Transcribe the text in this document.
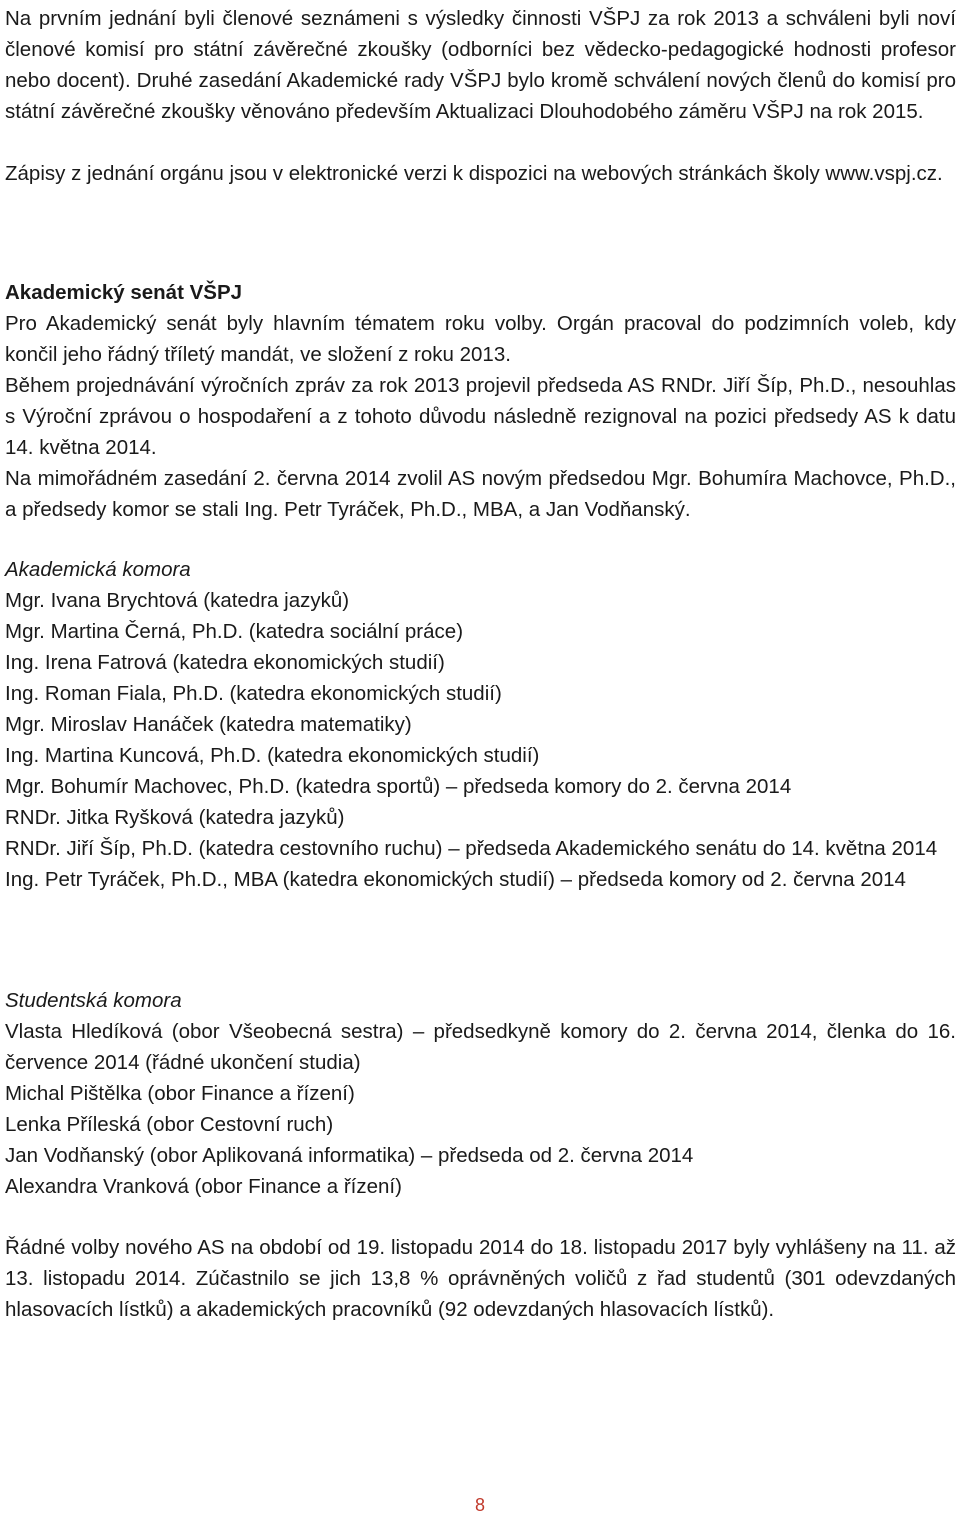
Na prvním jednání byli členové seznámeni s výsledky činnosti VŠPJ za rok 2013 a schváleni byli noví členové komisí pro státní závěrečné zkoušky (odborníci bez vědecko-pedagogické hodnosti profesor nebo docent). Druhé zasedání Akademické rady VŠPJ bylo kromě schválení nových členů do komisí pro státní závěrečné zkoušky věnováno především Aktualizaci Dlouhodobého záměru VŠPJ na rok 2015.

Zápisy z jednání orgánu jsou v elektronické verzi k dispozici na webových stránkách školy www.vspj.cz.

Akademický senát VŠPJ

Pro Akademický senát byly hlavním tématem roku volby. Orgán pracoval do podzimních voleb, kdy končil jeho řádný tříletý mandát, ve složení z roku 2013.

Během projednávání výročních zpráv za rok 2013 projevil předseda AS RNDr. Jiří Šíp, Ph.D., nesouhlas s Výroční zprávou o hospodaření a z tohoto důvodu následně rezignoval na pozici předsedy AS k datu 14. května 2014.

Na mimořádném zasedání 2. června 2014 zvolil AS novým předsedou Mgr. Bohumíra Machovce, Ph.D., a předsedy komor se stali Ing. Petr Tyráček, Ph.D., MBA, a Jan Vodňanský.

Akademická komora

Mgr. Ivana Brychtová (katedra jazyků)

Mgr. Martina Černá, Ph.D. (katedra sociální práce)

Ing. Irena Fatrová (katedra ekonomických studií)

Ing. Roman Fiala, Ph.D. (katedra ekonomických studií)

Mgr. Miroslav Hanáček (katedra matematiky)

Ing. Martina Kuncová, Ph.D. (katedra ekonomických studií)

Mgr. Bohumír Machovec, Ph.D. (katedra sportů) – předseda komory do 2. června 2014

RNDr. Jitka Ryšková (katedra jazyků)

RNDr. Jiří Šíp, Ph.D. (katedra cestovního ruchu) – předseda Akademického senátu do 14. května 2014

Ing. Petr Tyráček, Ph.D., MBA (katedra ekonomických studií) – předseda komory od 2. června 2014

Studentská komora

Vlasta Hledíková (obor Všeobecná sestra) – předsedkyně komory do 2. června 2014, členka do 16. července 2014 (řádné ukončení studia)

Michal Pištělka (obor Finance a řízení)

Lenka Příleská (obor Cestovní ruch)

Jan Vodňanský (obor Aplikovaná informatika) – předseda od 2. června 2014

Alexandra Vranková (obor Finance a řízení)

Řádné volby nového AS na období od 19. listopadu 2014 do 18. listopadu 2017 byly vyhlášeny na 11. až 13. listopadu 2014. Zúčastnilo se jich 13,8 % oprávněných voličů z řad studentů (301 odevzdaných hlasovacích lístků) a akademických pracovníků (92 odevzdaných hlasovacích lístků).

8
